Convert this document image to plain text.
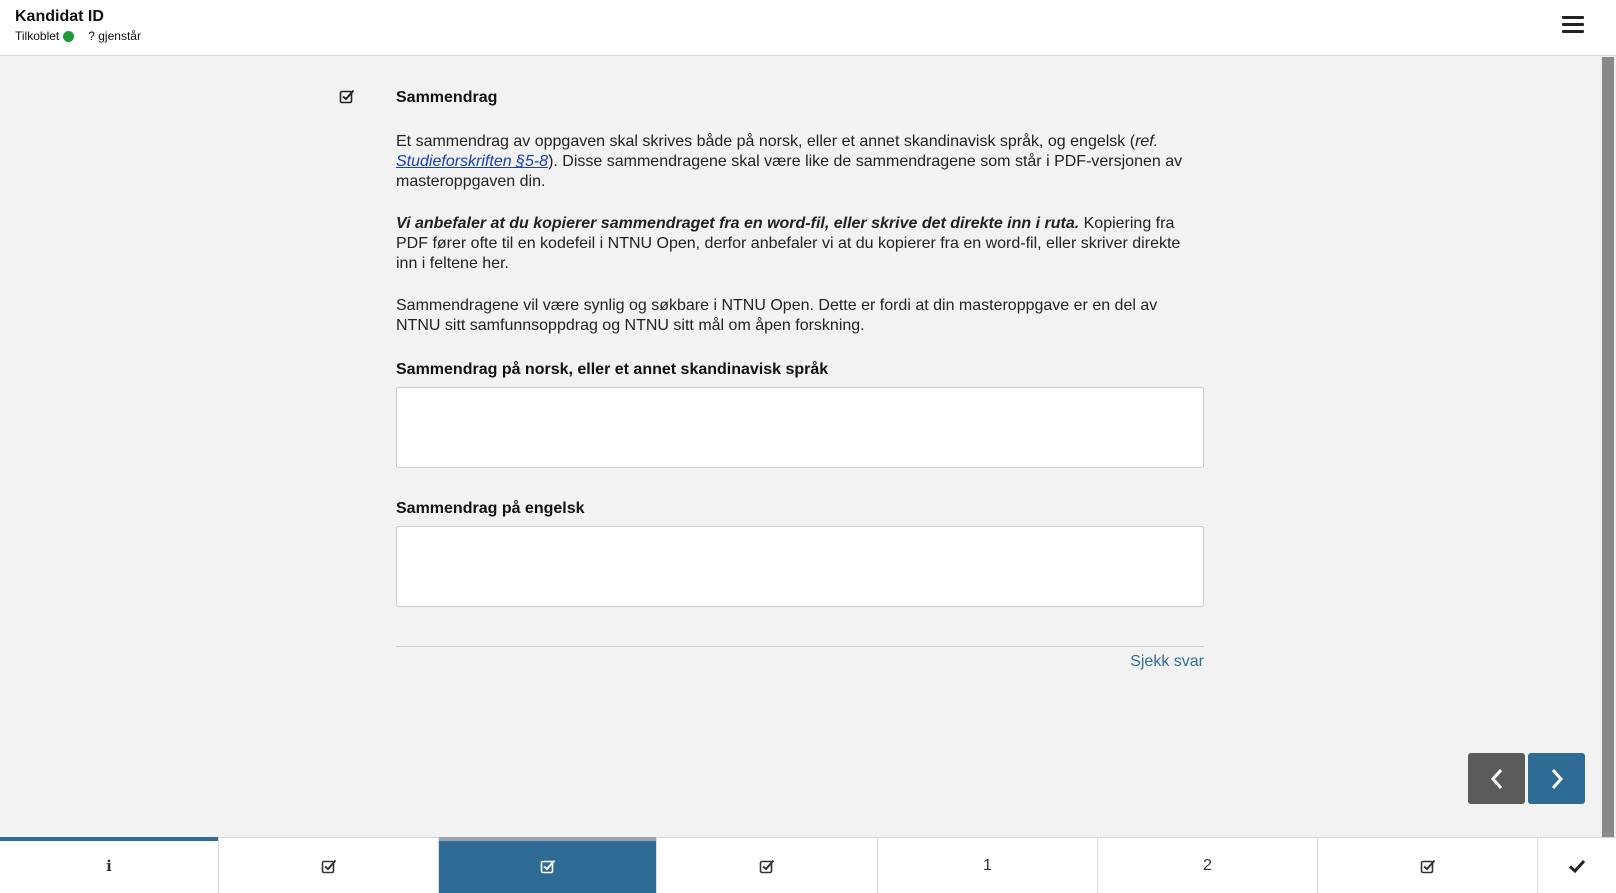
Kandidat ID
Tilkoblet ? gjenstår
Sammendrag

Et sammendrag av oppgaven skal skrives både på norsk, eller et annet skandinavisk språk, og engelsk (ref. Studieforskriften §5-8). Disse sammendragene skal være like de sammendragene som står i PDF-versjonen av masteroppgaven din.

Vi anbefaler at du kopierer sammendraget fra en word-fil, eller skrive det direkte inn i ruta. Kopiering fra PDF fører ofte til en kodefeil i NTNU Open, derfor anbefaler vi at du kopierer fra en word-fil, eller skriver direkte inn i feltene her.

Sammendragene vil være synlig og søkbare i NTNU Open. Dette er fordi at din masteroppgave er en del av NTNU sitt samfunnsoppdrag og NTNU sitt mål om åpen forskning.

Sammendrag på norsk, eller et annet skandinavisk språk
Sammendrag på engelsk
Sjekk svar
i	1	2
